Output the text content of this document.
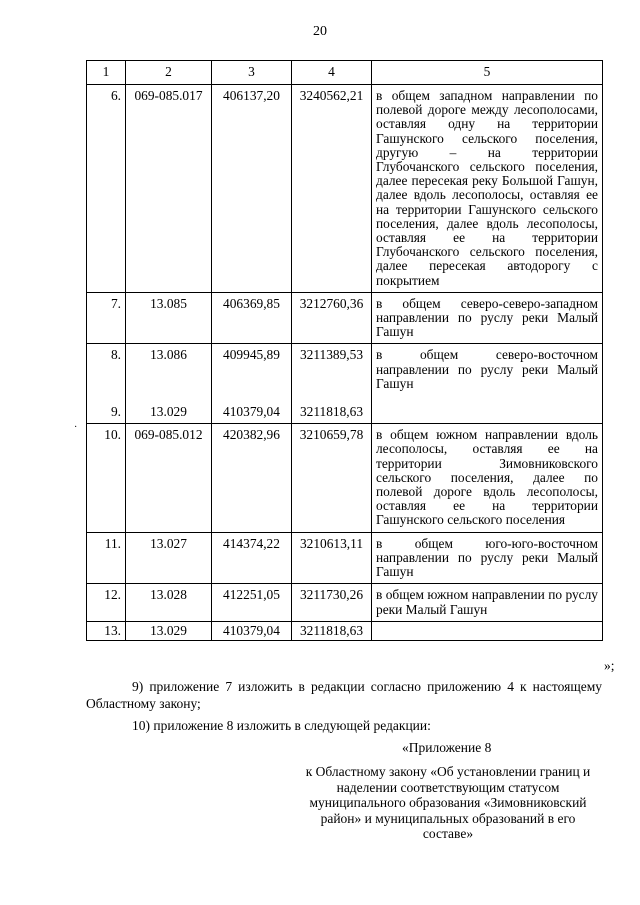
20
1	2	3	4	5
6.	069-085.017	406137,20	3240562,21	в общем западном направлении по полевой дороге между лесополосами, оставляя одну на территории Гашунского сельского поселения, другую – на территории Глубочанского сельского поселения, далее пересекая реку Большой Гашун, далее вдоль лесополосы, оставляя ее на территории Гашунского сельского поселения, далее вдоль лесополосы, оставляя ее на территории Глубочанского сельского поселения, далее пересекая автодорогу с покрытием
7.	13.085	406369,85	3212760,36	в общем северо-северо-западном направлении по руслу реки Малый Гашун
8.	13.086	409945,89	3211389,53	в общем северо-восточном направлении по руслу реки Малый Гашун
9.	13.029	410379,04	3211818,63	
10.	069-085.012	420382,96	3210659,78	в общем южном направлении вдоль лесополосы, оставляя ее на территории Зимовниковского сельского поселения, далее по полевой дороге вдоль лесополосы, оставляя ее на территории Гашунского сельского поселения
11.	13.027	414374,22	3210613,11	в общем юго-юго-восточном направлении по руслу реки Малый Гашун
12.	13.028	412251,05	3211730,26	в общем южном направлении по руслу реки Малый Гашун
13.	13.029	410379,04	3211818,63	
·
»;
9) приложение 7 изложить в редакции согласно приложению 4 к настоящему Областному закону;
10) приложение 8 изложить в следующей редакции:
«Приложение 8
к Областному закону «Об установлении границ и наделении соответствующим статусом муниципального образования «Зимовниковский район» и муниципальных образований в его составе»
